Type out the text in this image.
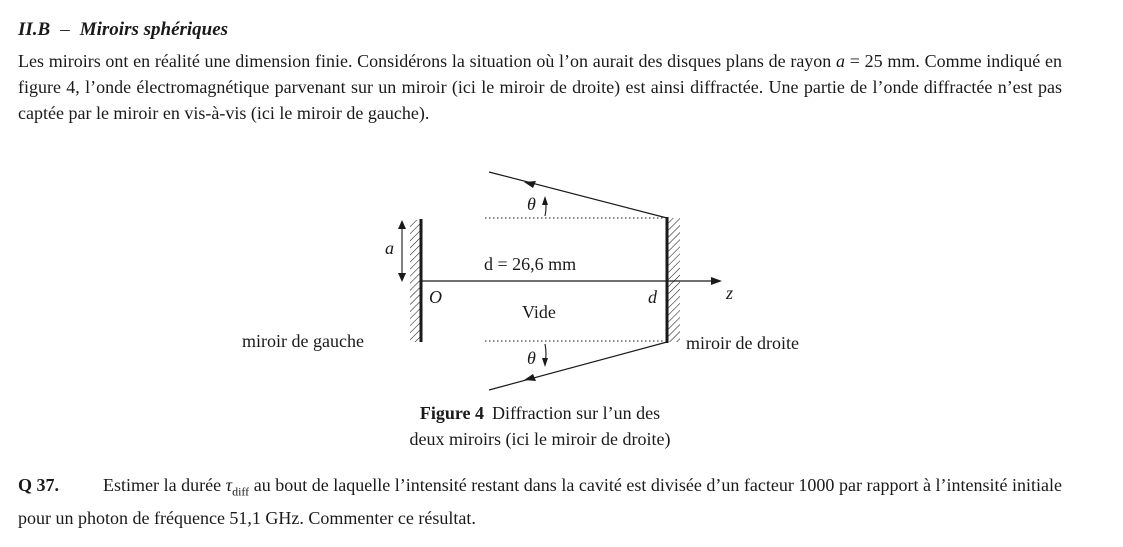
II.B – Miroirs sphériques
Les miroirs ont en réalité une dimension finie. Considérons la situation où l’on aurait des disques plans de rayon a = 25 mm. Comme indiqué en figure 4, l’onde électromagnétique parvenant sur un miroir (ici le miroir de droite) est ainsi diffractée. Une partie de l’onde diffractée n’est pas captée par le miroir en vis-à-vis (ici le miroir de gauche).
a
d = 26,6 mm
O	d	z
Vide
θ
θ
miroir de gauche	miroir de droite
Figure 4 Diffraction sur l’un des
deux miroirs (ici le miroir de droite)
Q 37. Estimer la durée $\tau_{diff}$ au bout de laquelle l’intensité restant dans la cavité est divisée d’un facteur 1000 par rapport à l’intensité initiale pour un photon de fréquence 51,1 GHz. Commenter ce résultat.
